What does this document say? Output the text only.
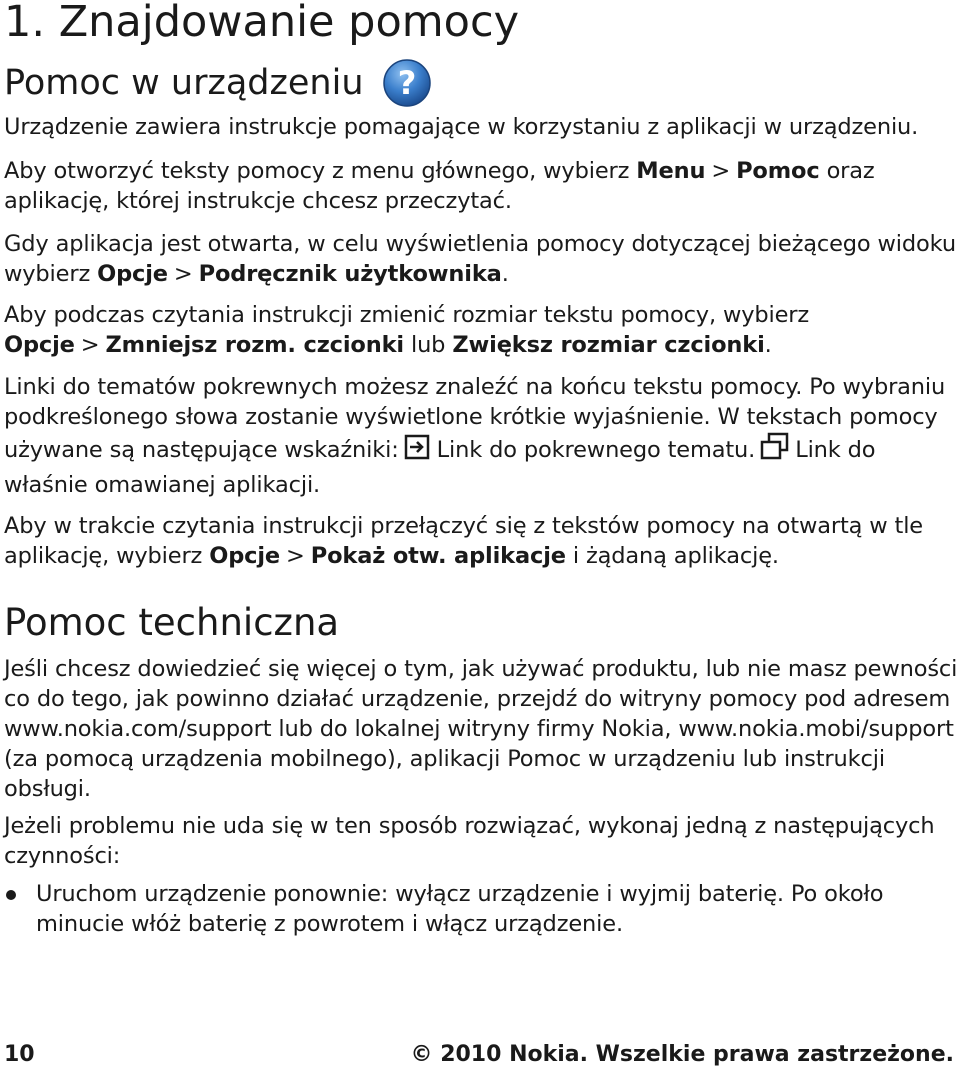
1. Znajdowanie pomocy
Pomoc w urządzeniu ?

Urządzenie zawiera instrukcje pomagające w korzystaniu z aplikacji w urządzeniu.

Aby otworzyć teksty pomocy z menu głównego, wybierz Menu > Pomoc oraz aplikację, której instrukcje chcesz przeczytać.

Gdy aplikacja jest otwarta, w celu wyświetlenia pomocy dotyczącej bieżącego widoku wybierz Opcje > Podręcznik użytkownika.

Aby podczas czytania instrukcji zmienić rozmiar tekstu pomocy, wybierz Opcje > Zmniejsz rozm. czcionki lub Zwiększ rozmiar czcionki.

Linki do tematów pokrewnych możesz znaleźć na końcu tekstu pomocy. Po wybraniu podkreślonego słowa zostanie wyświetlone krótkie wyjaśnienie. W tekstach pomocy używane są następujące wskaźniki: Link do pokrewnego tematu. Link do właśnie omawianej aplikacji.

Aby w trakcie czytania instrukcji przełączyć się z tekstów pomocy na otwartą w tle aplikację, wybierz Opcje > Pokaż otw. aplikacje i żądaną aplikację.

Pomoc techniczna

Jeśli chcesz dowiedzieć się więcej o tym, jak używać produktu, lub nie masz pewności co do tego, jak powinno działać urządzenie, przejdź do witryny pomocy pod adresem www.nokia.com/support lub do lokalnej witryny firmy Nokia, www.nokia.mobi/support (za pomocą urządzenia mobilnego), aplikacji Pomoc w urządzeniu lub instrukcji obsługi.

Jeżeli problemu nie uda się w ten sposób rozwiązać, wykonaj jedną z następujących czynności:

Uruchom urządzenie ponownie: wyłącz urządzenie i wyjmij baterię. Po około minucie włóż baterię z powrotem i włącz urządzenie.
10	© 2010 Nokia. Wszelkie prawa zastrzeżone.
